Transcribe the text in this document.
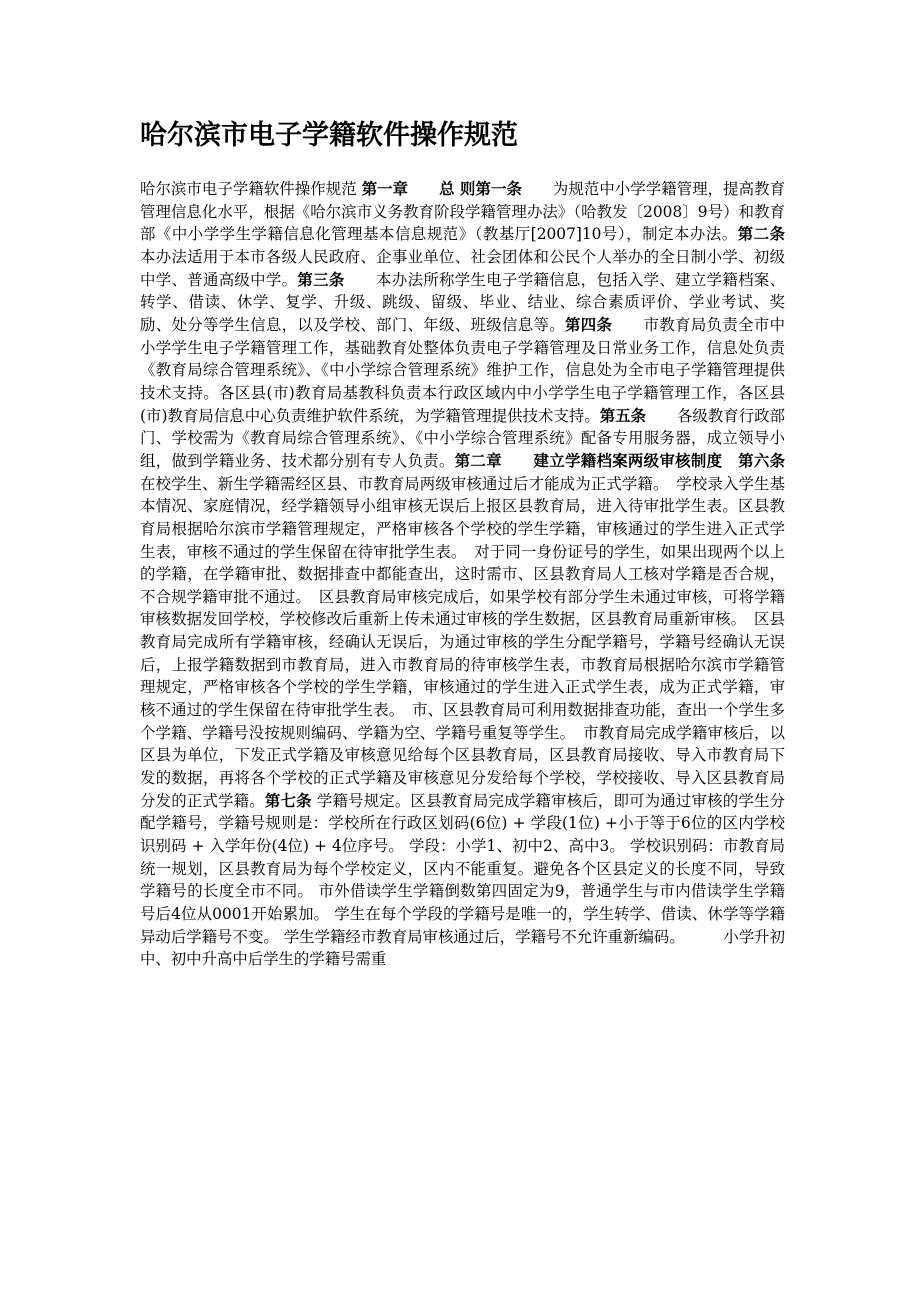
哈尔滨市电子学籍软件操作规范

哈尔滨市电子学籍软件操作规范 第一章　　总 则第一条　　为规范中小学学籍管理，提高教育管理信息化水平，根据《哈尔滨市义务教育阶段学籍管理办法》（哈教发〔2008〕9号）和教育部《中小学学生学籍信息化管理基本信息规范》（教基厅[2007]10号），制定本办法。第二条　　本办法适用于本市各级人民政府、企事业单位、社会团体和公民个人举办的全日制小学、初级中学、普通高级中学。第三条　　本办法所称学生电子学籍信息，包括入学、建立学籍档案、转学、借读、休学、复学、升级、跳级、留级、毕业、结业、综合素质评价、学业考试、奖励、处分等学生信息，以及学校、部门、年级、班级信息等。第四条　　市教育局负责全市中小学学生电子学籍管理工作，基础教育处整体负责电子学籍管理及日常业务工作，信息处负责《教育局综合管理系统》、《中小学综合管理系统》维护工作，信息处为全市电子学籍管理提供技术支持。各区县(市)教育局基教科负责本行政区域内中小学学生电子学籍管理工作，各区县(市)教育局信息中心负责维护软件系统，为学籍管理提供技术支持。第五条　　各级教育行政部门、学校需为《教育局综合管理系统》、《中小学综合管理系统》配备专用服务器，成立领导小组，做到学籍业务、技术都分别有专人负责。第二章　　建立学籍档案两级审核制度　第六条 在校学生、新生学籍需经区县、市教育局两级审核通过后才能成为正式学籍。　学校录入学生基本情况、家庭情况，经学籍领导小组审核无误后上报区县教育局，进入待审批学生表。区县教育局根据哈尔滨市学籍管理规定，严格审核各个学校的学生学籍，审核通过的学生进入正式学生表，审核不通过的学生保留在待审批学生表。　对于同一身份证号的学生，如果出现两个以上的学籍，在学籍审批、数据排查中都能查出，这时需市、区县教育局人工核对学籍是否合规，不合规学籍审批不通过。　区县教育局审核完成后，如果学校有部分学生未通过审核，可将学籍审核数据发回学校，学校修改后重新上传未通过审核的学生数据，区县教育局重新审核。　区县教育局完成所有学籍审核，经确认无误后，为通过审核的学生分配学籍号，学籍号经确认无误后，上报学籍数据到市教育局，进入市教育局的待审核学生表，市教育局根据哈尔滨市学籍管理规定，严格审核各个学校的学生学籍，审核通过的学生进入正式学生表，成为正式学籍，审核不通过的学生保留在待审批学生表。　市、区县教育局可利用数据排查功能，查出一个学生多个学籍、学籍号没按规则编码、学籍为空、学籍号重复等学生。　市教育局完成学籍审核后，以区县为单位，下发正式学籍及审核意见给每个区县教育局，区县教育局接收、导入市教育局下发的数据，再将各个学校的正式学籍及审核意见分发给每个学校，学校接收、导入区县教育局分发的正式学籍。第七条 学籍号规定。区县教育局完成学籍审核后，即可为通过审核的学生分配学籍号，学籍号规则是：学校所在行政区划码(6位) + 学段(1位) +小于等于6位的区内学校识别码 + 入学年份(4位) + 4位序号。 学段：小学1、初中2、高中3。 学校识别码：市教育局统一规划，区县教育局为每个学校定义，区内不能重复。避免各个区县定义的长度不同，导致学籍号的长度全市不同。 市外借读学生学籍倒数第四固定为9，普通学生与市内借读学生学籍号后4位从0001开始累加。 学生在每个学段的学籍号是唯一的，学生转学、借读、休学等学籍异动后学籍号不变。 学生学籍经市教育局审核通过后，学籍号不允许重新编码。　　　小学升初中、初中升高中后学生的学籍号需重
